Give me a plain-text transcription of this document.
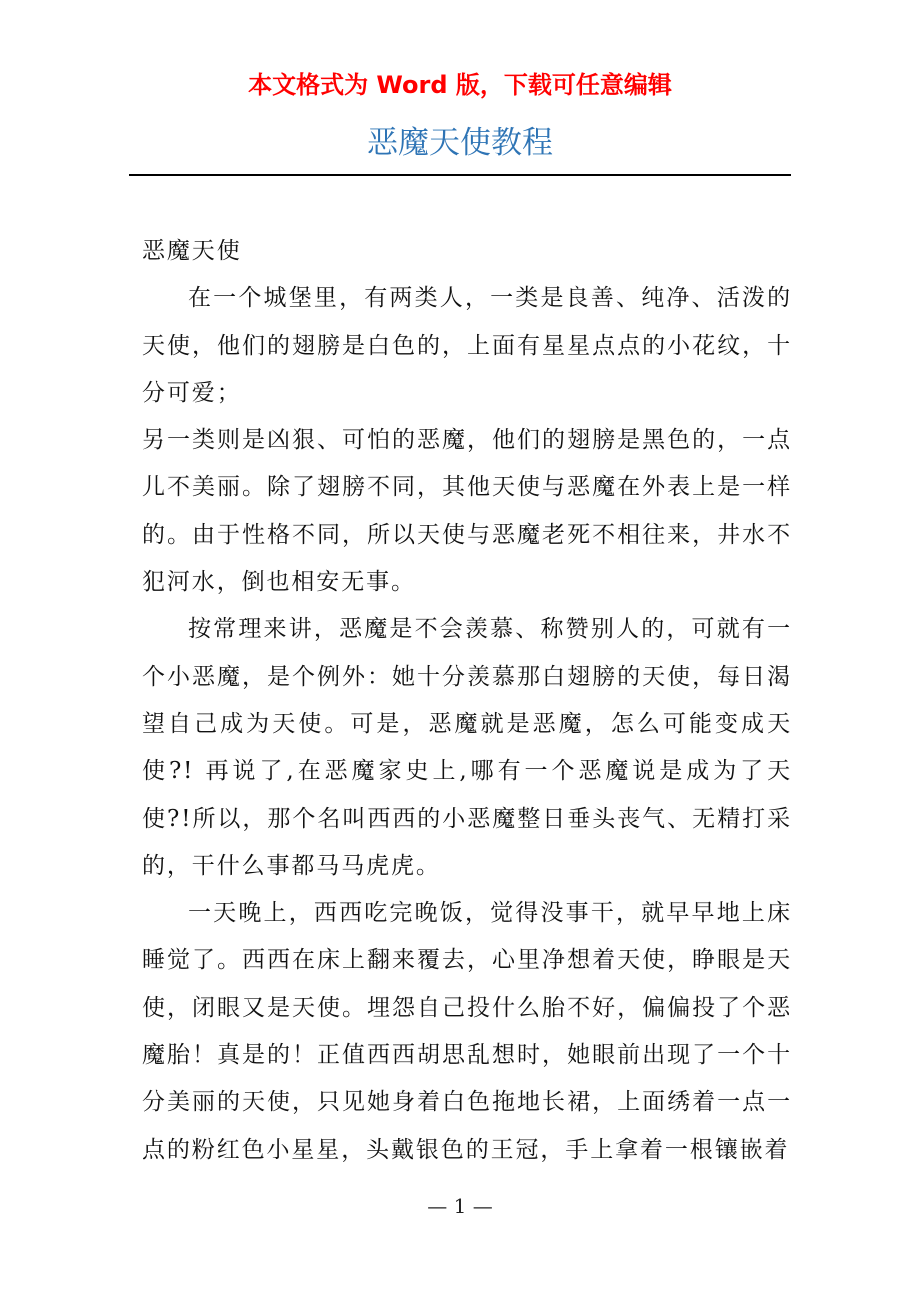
本文格式为 Word 版，下载可任意编辑
恶魔天使教程

恶魔天使

在一个城堡里，有两类人，一类是良善、纯净、活泼的天使，他们的翅膀是白色的，上面有星星点点的小花纹，十分可爱；

另一类则是凶狠、可怕的恶魔，他们的翅膀是黑色的，一点儿不美丽。除了翅膀不同，其他天使与恶魔在外表上是一样的。由于性格不同，所以天使与恶魔老死不相往来，井水不犯河水，倒也相安无事。

按常理来讲，恶魔是不会羡慕、称赞别人的，可就有一个小恶魔，是个例外：她十分羡慕那白翅膀的天使，每日渴望自己成为天使。可是，恶魔就是恶魔，怎么可能变成天使?! 再说了,在恶魔家史上,哪有一个恶魔说是成为了天使?!所以，那个名叫西西的小恶魔整日垂头丧气、无精打采的，干什么事都马马虎虎。

一天晚上，西西吃完晚饭，觉得没事干，就早早地上床睡觉了。西西在床上翻来覆去，心里净想着天使，睁眼是天使，闭眼又是天使。埋怨自己投什么胎不好，偏偏投了个恶魔胎！真是的！正值西西胡思乱想时，她眼前出现了一个十分美丽的天使，只见她身着白色拖地长裙，上面绣着一点一点的粉红色小星星，头戴银色的王冠，手上拿着一根镶嵌着

— 1 —
